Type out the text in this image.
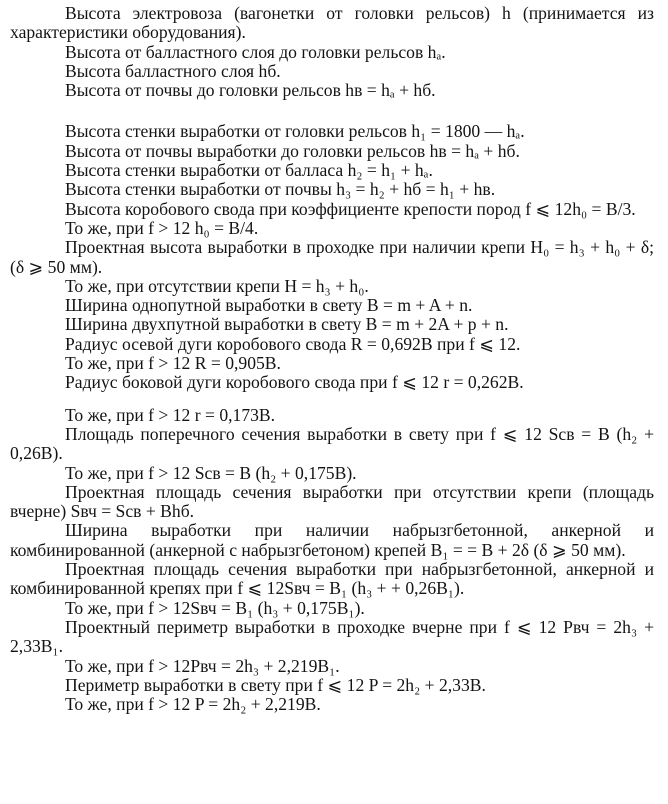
Высота электровоза (вагонетки от головки рельсов) h (принимается из характеристики оборудования).

Высота от балластного слоя до головки рельсов hₐ.

Высота балластного слоя hб.

Высота от почвы до головки рельсов hв = hₐ + hб.

Высота стенки выработки от головки рельсов h₁ = 1800 — hₐ.

Высота от почвы выработки до головки рельсов hв = hₐ + hб.

Высота стенки выработки от балласа h₂ = h₁ + hₐ.

Высота стенки выработки от почвы h₃ = h₂ + hб = h₁ + hв.

Высота коробового свода при коэффициенте крепости пород f ⩽ 12h₀ = B/3.

То же, при f > 12 h₀ = B/4.

Проектная высота выработки в проходке при наличии крепи H₀ = h₃ + h₀ + δ; (δ ⩾ 50 мм).

То же, при отсутствии крепи H = h₃ + h₀.

Ширина однопутной выработки в свету B = m + A + n.

Ширина двухпутной выработки в свету B = m + 2A + p + n.

Радиус осевой дуги коробового свода R = 0,692B при f ⩽ 12.

То же, при f > 12 R = 0,905B.

Радиус боковой дуги коробового свода при f ⩽ 12 r = 0,262B.

То же, при f > 12 r = 0,173B.

Площадь поперечного сечения выработки в свету при f ⩽ 12 Sсв = B (h₂ + 0,26B).

То же, при f > 12 Sсв = B (h₂ + 0,175B).

Проектная площадь сечения выработки при отсутствии крепи (площадь вчерне) Sвч = Sсв + Bhб.

Ширина выработки при наличии набрызгбетонной, анкерной и комбинированной (анкерной с набрызгбетоном) крепей B₁ = = B + 2δ (δ ⩾ 50 мм).

Проектная площадь сечения выработки при набрызгбетонной, анкерной и комбинированной крепях при f ⩽ 12Sвч = B₁ (h₃ + + 0,26B₁).

То же, при f > 12Sвч = B₁ (h₃ + 0,175B₁).

Проектный периметр выработки в проходке вчерне при f ⩽ 12 Pвч = 2h₃ + 2,33B₁.

То же, при f > 12Pвч = 2h₃ + 2,219B₁.

Периметр выработки в свету при f ⩽ 12 P = 2h₂ + 2,33B.

То же, при f > 12 P = 2h₂ + 2,219B.
